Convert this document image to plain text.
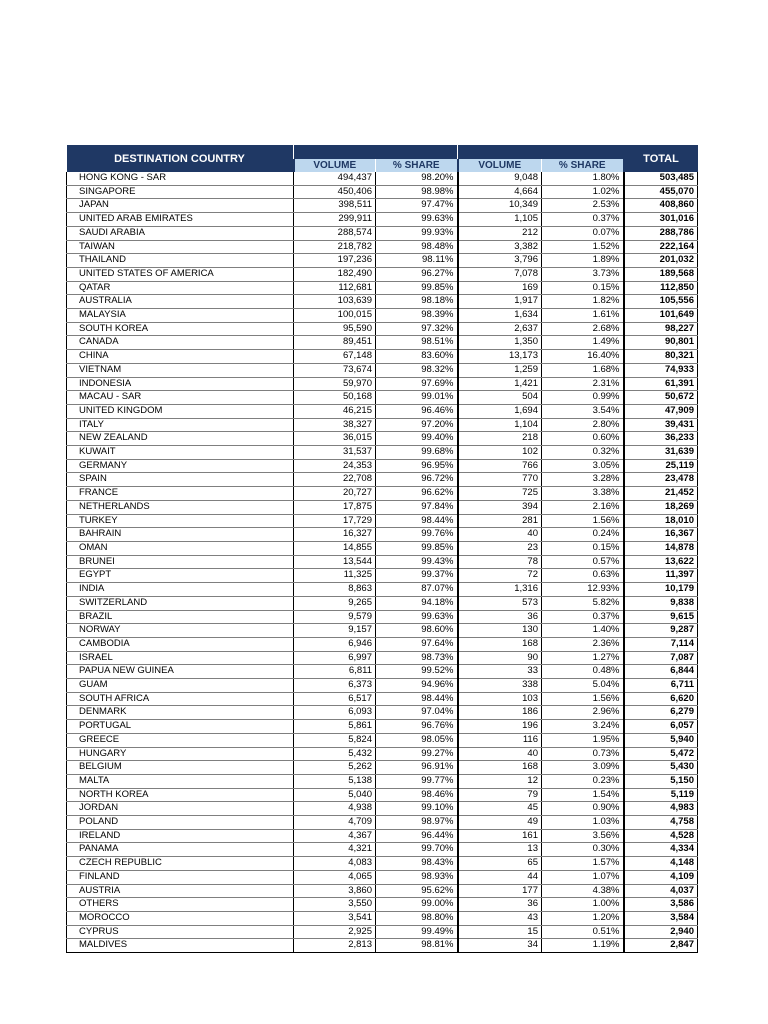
DESTINATION COUNTRY					TOTAL
	VOLUME	% SHARE	VOLUME	% SHARE	
HONG KONG - SAR	494,437	98.20%	9,048	1.80%	503,485
SINGAPORE	450,406	98.98%	4,664	1.02%	455,070
JAPAN	398,511	97.47%	10,349	2.53%	408,860
UNITED ARAB EMIRATES	299,911	99.63%	1,105	0.37%	301,016
SAUDI ARABIA	288,574	99.93%	212	0.07%	288,786
TAIWAN	218,782	98.48%	3,382	1.52%	222,164
THAILAND	197,236	98.11%	3,796	1.89%	201,032
UNITED STATES OF AMERICA	182,490	96.27%	7,078	3.73%	189,568
QATAR	112,681	99.85%	169	0.15%	112,850
AUSTRALIA	103,639	98.18%	1,917	1.82%	105,556
MALAYSIA	100,015	98.39%	1,634	1.61%	101,649
SOUTH KOREA	95,590	97.32%	2,637	2.68%	98,227
CANADA	89,451	98.51%	1,350	1.49%	90,801
CHINA	67,148	83.60%	13,173	16.40%	80,321
VIETNAM	73,674	98.32%	1,259	1.68%	74,933
INDONESIA	59,970	97.69%	1,421	2.31%	61,391
MACAU - SAR	50,168	99.01%	504	0.99%	50,672
UNITED KINGDOM	46,215	96.46%	1,694	3.54%	47,909
ITALY	38,327	97.20%	1,104	2.80%	39,431
NEW ZEALAND	36,015	99.40%	218	0.60%	36,233
KUWAIT	31,537	99.68%	102	0.32%	31,639
GERMANY	24,353	96.95%	766	3.05%	25,119
SPAIN	22,708	96.72%	770	3.28%	23,478
FRANCE	20,727	96.62%	725	3.38%	21,452
NETHERLANDS	17,875	97.84%	394	2.16%	18,269
TURKEY	17,729	98.44%	281	1.56%	18,010
BAHRAIN	16,327	99.76%	40	0.24%	16,367
OMAN	14,855	99.85%	23	0.15%	14,878
BRUNEI	13,544	99.43%	78	0.57%	13,622
EGYPT	11,325	99.37%	72	0.63%	11,397
INDIA	8,863	87.07%	1,316	12.93%	10,179
SWITZERLAND	9,265	94.18%	573	5.82%	9,838
BRAZIL	9,579	99.63%	36	0.37%	9,615
NORWAY	9,157	98.60%	130	1.40%	9,287
CAMBODIA	6,946	97.64%	168	2.36%	7,114
ISRAEL	6,997	98.73%	90	1.27%	7,087
PAPUA NEW GUINEA	6,811	99.52%	33	0.48%	6,844
GUAM	6,373	94.96%	338	5.04%	6,711
SOUTH AFRICA	6,517	98.44%	103	1.56%	6,620
DENMARK	6,093	97.04%	186	2.96%	6,279
PORTUGAL	5,861	96.76%	196	3.24%	6,057
GREECE	5,824	98.05%	116	1.95%	5,940
HUNGARY	5,432	99.27%	40	0.73%	5,472
BELGIUM	5,262	96.91%	168	3.09%	5,430
MALTA	5,138	99.77%	12	0.23%	5,150
NORTH KOREA	5,040	98.46%	79	1.54%	5,119
JORDAN	4,938	99.10%	45	0.90%	4,983
POLAND	4,709	98.97%	49	1.03%	4,758
IRELAND	4,367	96.44%	161	3.56%	4,528
PANAMA	4,321	99.70%	13	0.30%	4,334
CZECH REPUBLIC	4,083	98.43%	65	1.57%	4,148
FINLAND	4,065	98.93%	44	1.07%	4,109
AUSTRIA	3,860	95.62%	177	4.38%	4,037
OTHERS	3,550	99.00%	36	1.00%	3,586
MOROCCO	3,541	98.80%	43	1.20%	3,584
CYPRUS	2,925	99.49%	15	0.51%	2,940
MALDIVES	2,813	98.81%	34	1.19%	2,847
